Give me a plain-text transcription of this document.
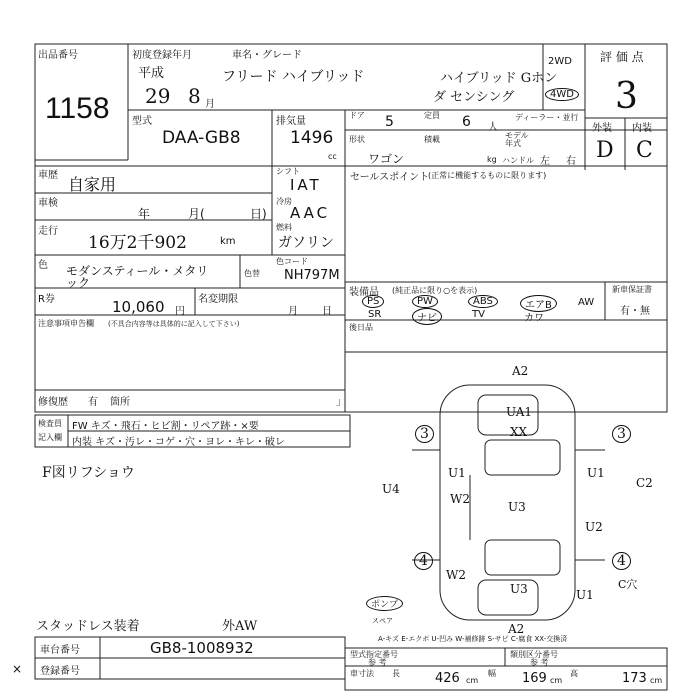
出品番号
1158
初度登録年月
平成
29 8 月
車名・グレード
フリード ハイブリッド	ハイブリッド Gホン
ダ センシング
2WD
4WD
評 価 点
3
外装 内装
D C
型式
DAA-GB8
排気量
1496
cc
ドア 5	定員 6 人
ディーラー・並行
モデル年式
形状
ワゴン
積載
kg ハンドル 左 右
車歴 自家用
車検
年	月(	日)
走行
16万2千902	km
シフト
IAT
冷房
AAC
燃料
ガソリン
セールスポイント
(正常に機能するものに限ります)
色 モダンスティール・メタリ
ック
色替
色コード
NH797M
R券	10,060 円
名変期限
月 日
装備品 (純正品に限り○を表示)
PS	PW	ABS	エアB	AW
SR	ナビ	TV	カワ
新車保証書
有・無
注意事項申告欄 (不具合内容等は具体的に記入して下さい)	後日品
修復歴 有 箇所	」
検査員
記入欄
FW キズ・飛石・ヒビ割・リペア跡・×要
内装 キズ・汚レ・コゲ・穴・ヨレ・キレ・破レ
F図リフショウ
スタッドレス装着	外AW
ポンプ
スペア
×
A2
UA1
XX
U1
W2
U3
U1
U3
C2
U2
U4
W2
U1
A2
C穴
3	3
4	4
A-キズ E-エクボ U-凹み W-補修跡 S-サビ C-腐食 XX-交換済
車台番号	GB8-1008932
登録番号
型式指定番号
参 考
類別区分番号
参 考
車寸法 長	426 cm
幅 169 cm
高	173 cm
